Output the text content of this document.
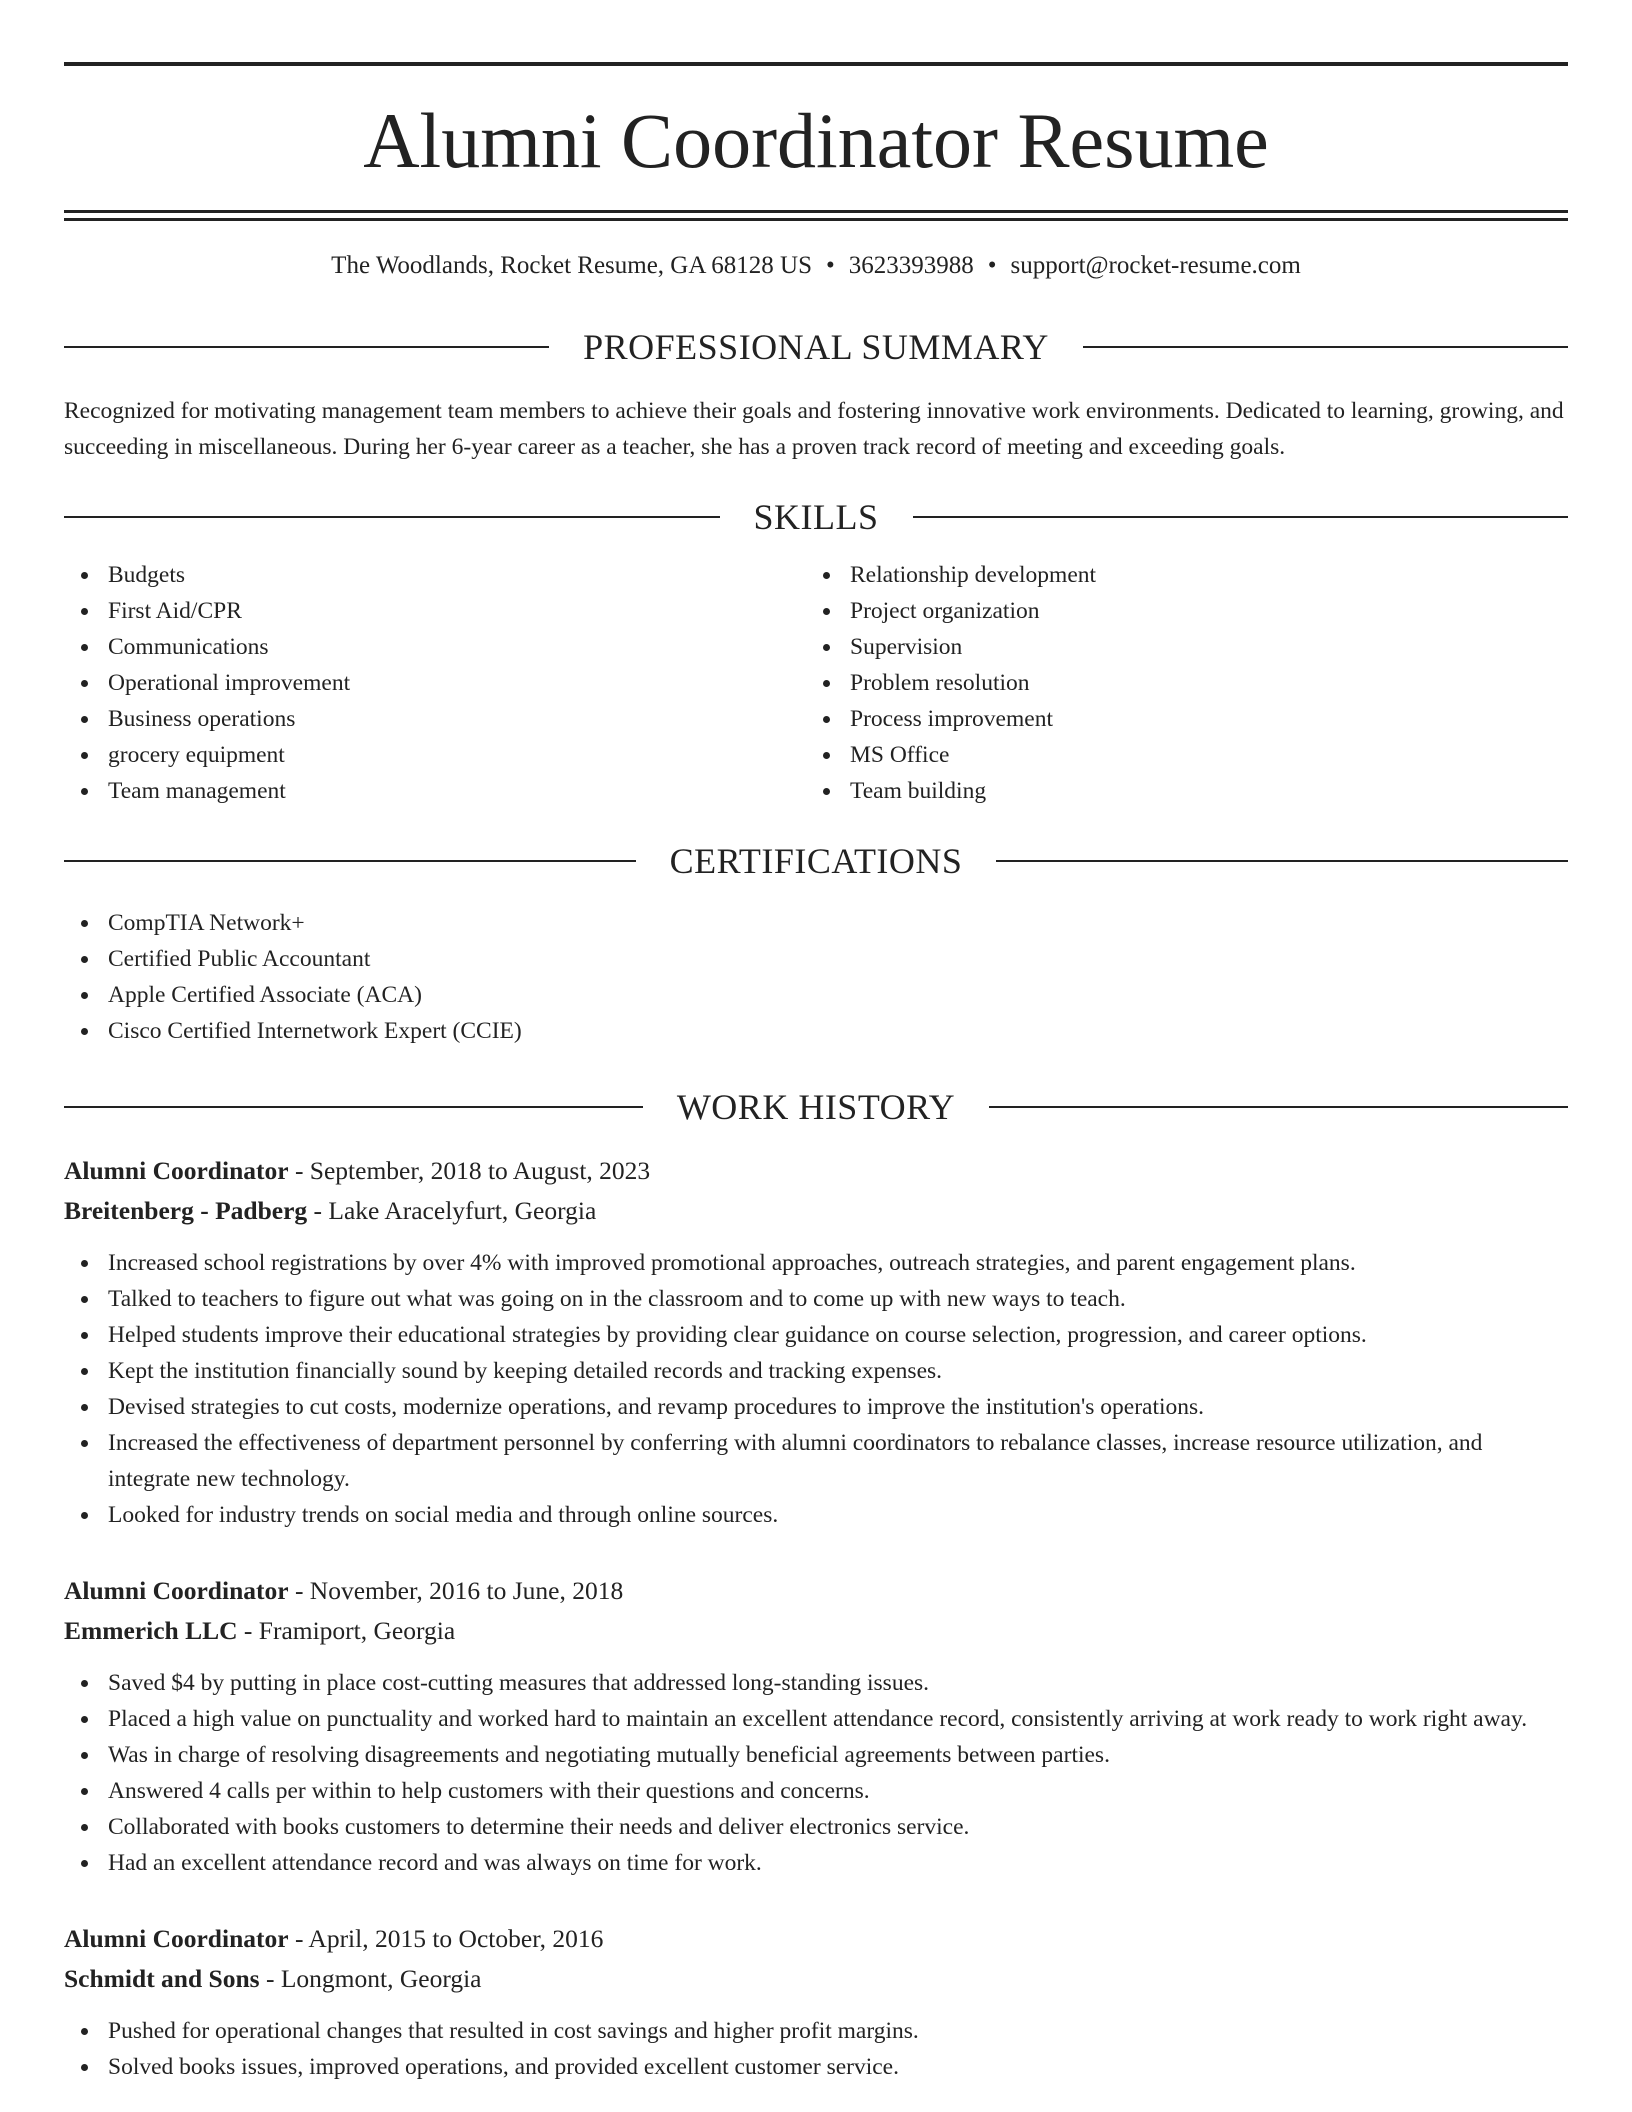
Alumni Coordinator Resume
The Woodlands, Rocket Resume, GA 68128 US • 3623393988 • support@rocket-resume.com
PROFESSIONAL SUMMARY

Recognized for motivating management team members to achieve their goals and fostering innovative work environments. Dedicated to learning, growing, and succeeding in miscellaneous. During her 6-year career as a teacher, she has a proven track record of meeting and exceeding goals.

SKILLS
Budgets
First Aid/CPR
Communications
Operational improvement
Business operations
grocery equipment
Team management
Relationship development
Project organization
Supervision
Problem resolution
Process improvement
MS Office
Team building
CERTIFICATIONS
CompTIA Network+
Certified Public Accountant
Apple Certified Associate (ACA)
Cisco Certified Internetwork Expert (CCIE)
WORK HISTORY
Alumni Coordinator - September, 2018 to August, 2023
Breitenberg - Padberg - Lake Aracelyfurt, Georgia
Increased school registrations by over 4% with improved promotional approaches, outreach strategies, and parent engagement plans.
Talked to teachers to figure out what was going on in the classroom and to come up with new ways to teach.
Helped students improve their educational strategies by providing clear guidance on course selection, progression, and career options.
Kept the institution financially sound by keeping detailed records and tracking expenses.
Devised strategies to cut costs, modernize operations, and revamp procedures to improve the institution's operations.
Increased the effectiveness of department personnel by conferring with alumni coordinators to rebalance classes, increase resource utilization, and integrate new technology.
Looked for industry trends on social media and through online sources.
Alumni Coordinator - November, 2016 to June, 2018
Emmerich LLC - Framiport, Georgia
Saved $4 by putting in place cost-cutting measures that addressed long-standing issues.
Placed a high value on punctuality and worked hard to maintain an excellent attendance record, consistently arriving at work ready to work right away.
Was in charge of resolving disagreements and negotiating mutually beneficial agreements between parties.
Answered 4 calls per within to help customers with their questions and concerns.
Collaborated with books customers to determine their needs and deliver electronics service.
Had an excellent attendance record and was always on time for work.
Alumni Coordinator - April, 2015 to October, 2016
Schmidt and Sons - Longmont, Georgia
Pushed for operational changes that resulted in cost savings and higher profit margins.
Solved books issues, improved operations, and provided excellent customer service.
